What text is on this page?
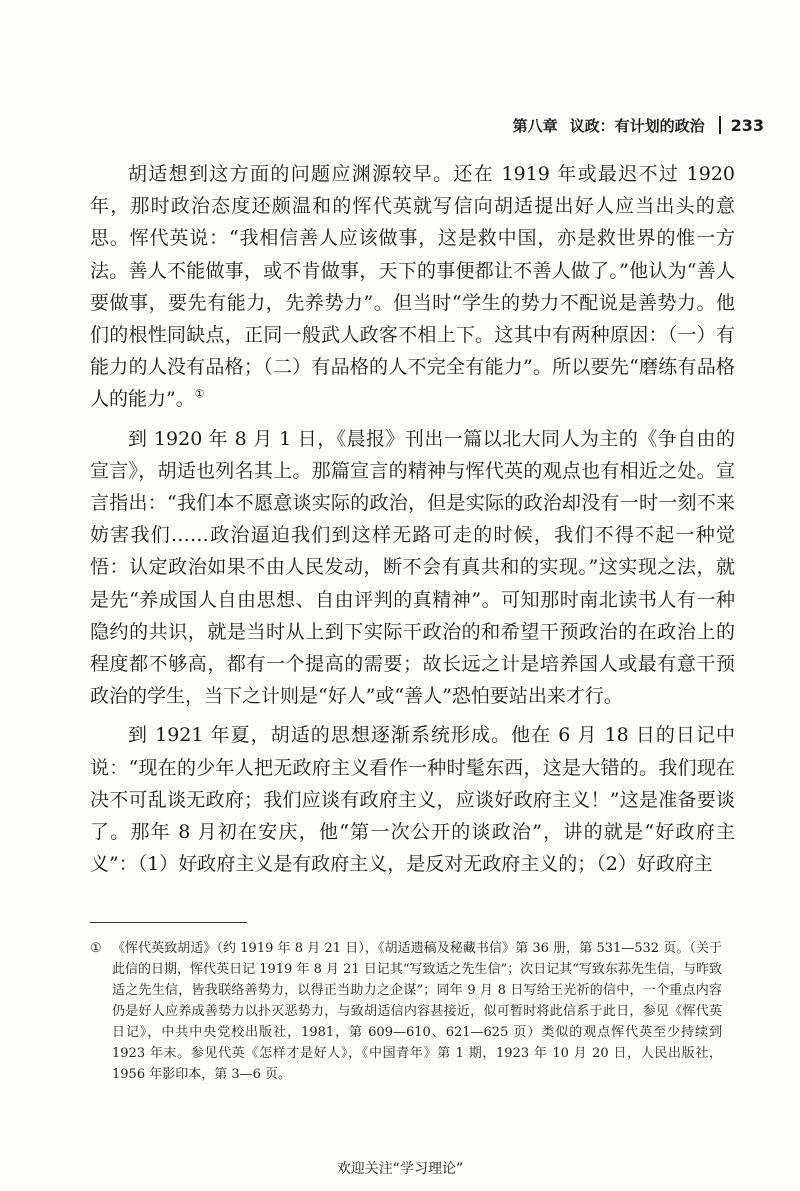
第八章 议政：有计划的政治 233

胡适想到这方面的问题应渊源较早。还在 1919 年或最迟不过 1920 年，那时政治态度还颇温和的恽代英就写信向胡适提出好人应当出头的意思。恽代英说：“我相信善人应该做事，这是救中国，亦是救世界的惟一方法。善人不能做事，或不肯做事，天下的事便都让不善人做了。”他认为“善人要做事，要先有能力，先养势力”。但当时“学生的势力不配说是善势力。他们的根性同缺点，正同一般武人政客不相上下。这其中有两种原因：（一）有能力的人没有品格；（二）有品格的人不完全有能力”。所以要先“磨练有品格人的能力”。①

到 1920 年 8 月 1 日，《晨报》刊出一篇以北大同人为主的《争自由的宣言》，胡适也列名其上。那篇宣言的精神与恽代英的观点也有相近之处。宣言指出：“我们本不愿意谈实际的政治，但是实际的政治却没有一时一刻不来妨害我们……政治逼迫我们到这样无路可走的时候，我们不得不起一种觉悟：认定政治如果不由人民发动，断不会有真共和的实现。”这实现之法，就是先“养成国人自由思想、自由评判的真精神”。可知那时南北读书人有一种隐约的共识，就是当时从上到下实际干政治的和希望干预政治的在政治上的程度都不够高，都有一个提高的需要；故长远之计是培养国人或最有意干预政治的学生，当下之计则是“好人”或“善人”恐怕要站出来才行。

到 1921 年夏，胡适的思想逐渐系统形成。他在 6 月 18 日的日记中说：“现在的少年人把无政府主义看作一种时髦东西，这是大错的。我们现在决不可乱谈无政府；我们应谈有政府主义，应谈好政府主义！”这是准备要谈了。那年 8 月初在安庆，他“第一次公开的谈政治”，讲的就是“好政府主义”：（1）好政府主义是有政府主义，是反对无政府主义的；（2）好政府主

① 《恽代英致胡适》（约 1919 年 8 月 21 日），《胡适遗稿及秘藏书信》第 36 册，第 531—532 页。（关于此信的日期，恽代英日记 1919 年 8 月 21 日记其“写致适之先生信”；次日记其“写致东荪先生信，与昨致适之先生信，皆我联络善势力，以得正当助力之企谋”；同年 9 月 8 日写给王光祈的信中，一个重点内容仍是好人应养成善势力以扑灭恶势力，与致胡适信内容甚接近，似可暂时将此信系于此日，参见《恽代英日记》，中共中央党校出版社，1981，第 609—610、621—625 页）类似的观点恽代英至少持续到 1923 年末。参见代英《怎样才是好人》，《中国青年》第 1 期，1923 年 10 月 20 日，人民出版社，1956 年影印本，第 3—6 页。
欢迎关注“学习理论”
